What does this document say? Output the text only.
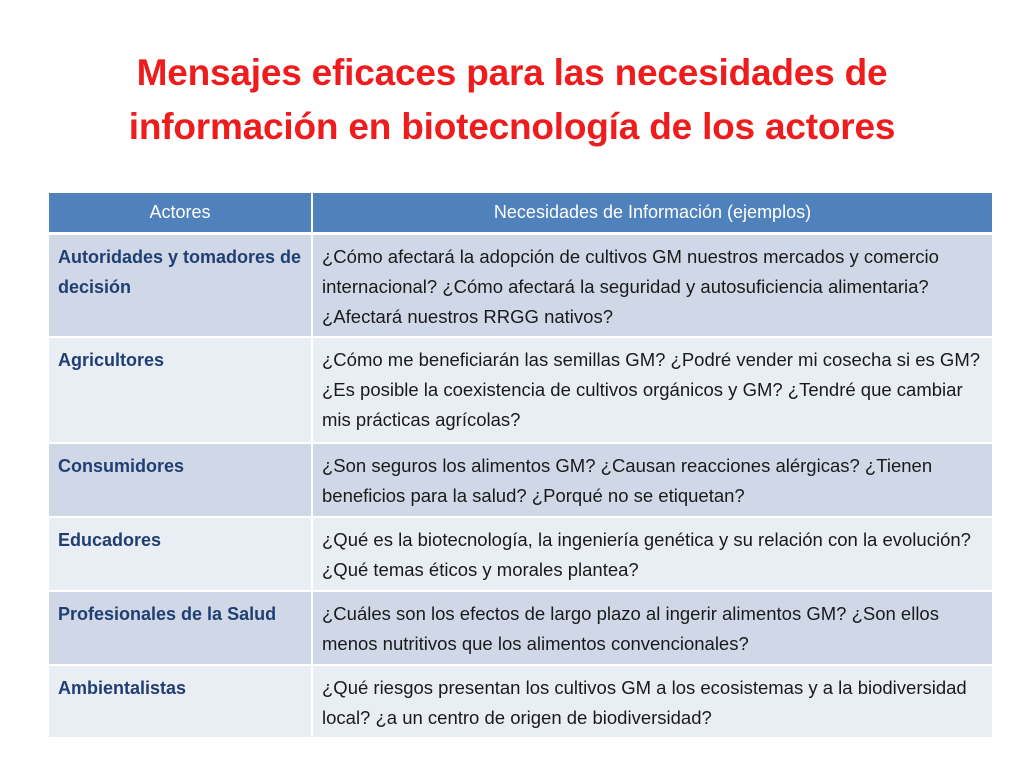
Mensajes eficaces para las necesidades de
información en biotecnología de los actores
Actores	Necesidades de Información (ejemplos)
Autoridades y tomadores de decisión	¿Cómo afectará la adopción de cultivos GM nuestros mercados y comercio internacional? ¿Cómo afectará la seguridad y autosuficiencia alimentaria? ¿Afectará nuestros RRGG nativos?
Agricultores	¿Cómo me beneficiarán las semillas GM? ¿Podré vender mi cosecha si es GM? ¿Es posible la coexistencia de cultivos orgánicos y GM? ¿Tendré que cambiar mis prácticas agrícolas?
Consumidores	¿Son seguros los alimentos GM? ¿Causan reacciones alérgicas? ¿Tienen beneficios para la salud? ¿Porqué no se etiquetan?
Educadores	¿Qué es la biotecnología, la ingeniería genética y su relación con la evolución? ¿Qué temas éticos y morales plantea?
Profesionales de la Salud	¿Cuáles son los efectos de largo plazo al ingerir alimentos GM? ¿Son ellos menos nutritivos que los alimentos convencionales?
Ambientalistas	¿Qué riesgos presentan los cultivos GM a los ecosistemas y a la biodiversidad local? ¿a un centro de origen de biodiversidad?
